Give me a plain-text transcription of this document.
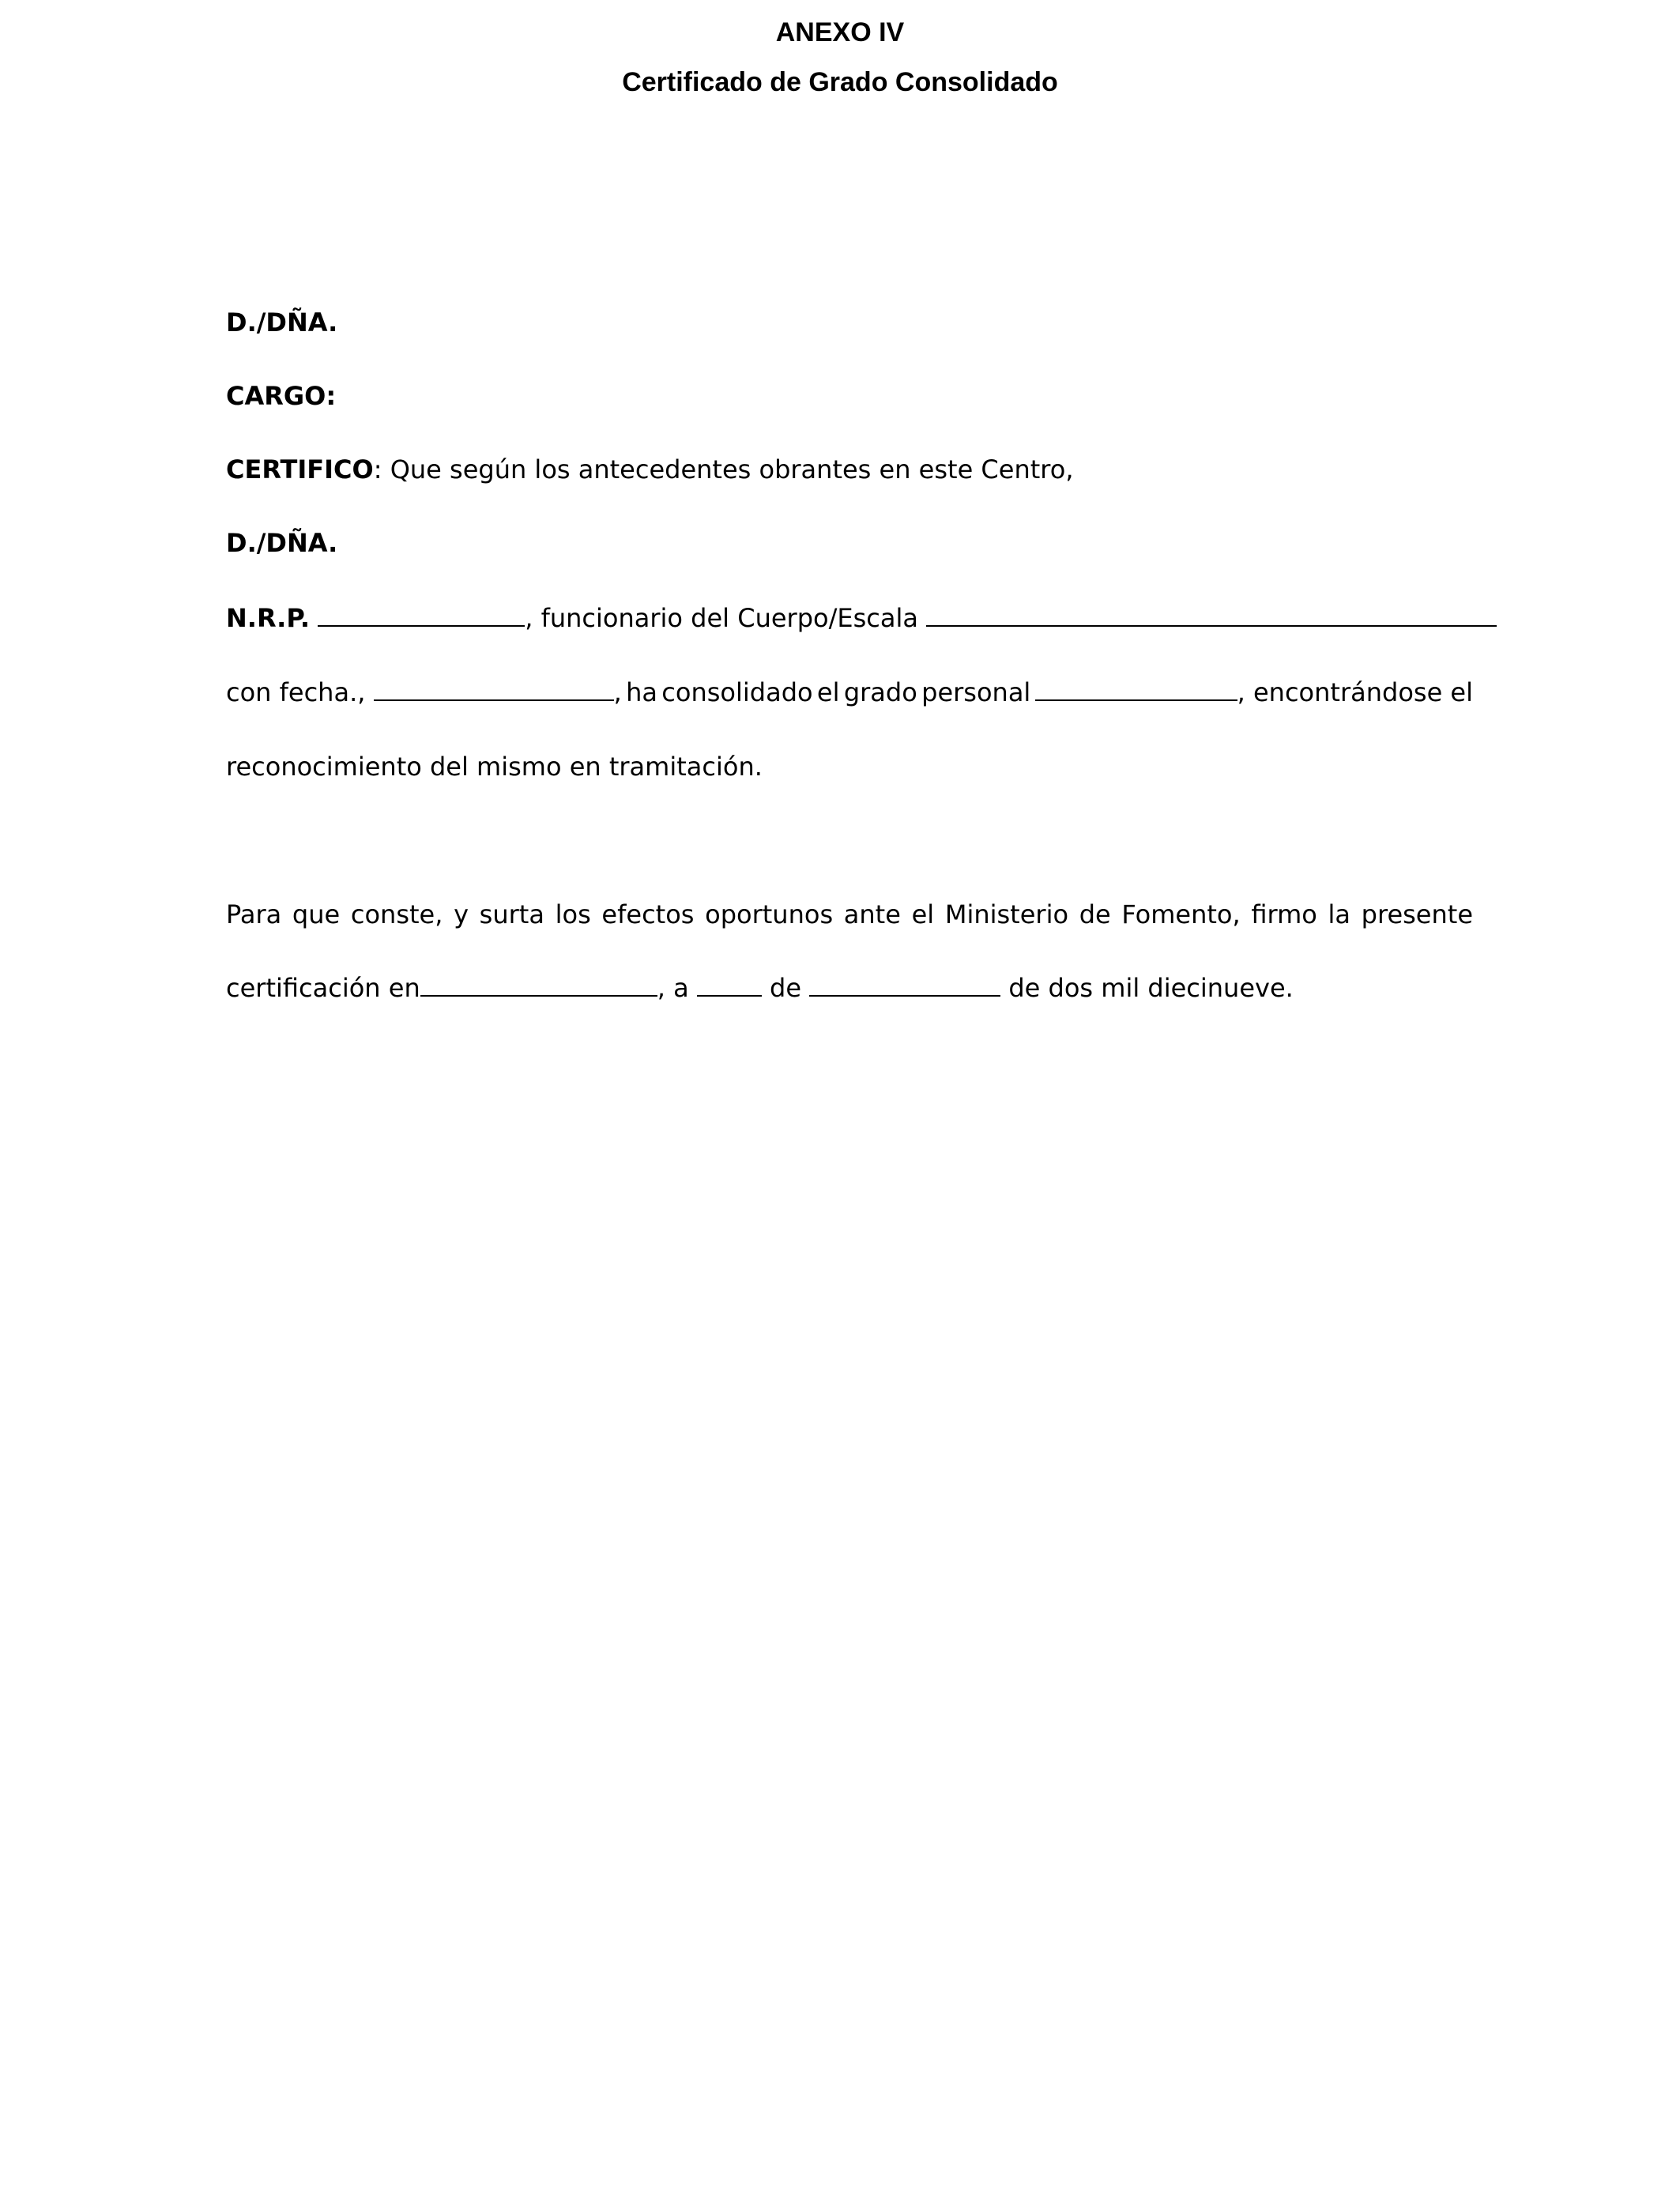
ANEXO IV
Certificado de Grado Consolidado
D./DÑA.
CARGO:
CERTIFICO: Que según los antecedentes obrantes en este Centro,
D./DÑA.
N.R.P.	, funcionario del Cuerpo/Escala
con fecha.,	, ha consolidado el grado personal	, encontrándose el
reconocimiento del mismo en tramitación.
Para que conste, y surta los efectos oportunos ante el Ministerio de Fomento, firmo la presente
certificación en	, a	de	de dos mil diecinueve.
